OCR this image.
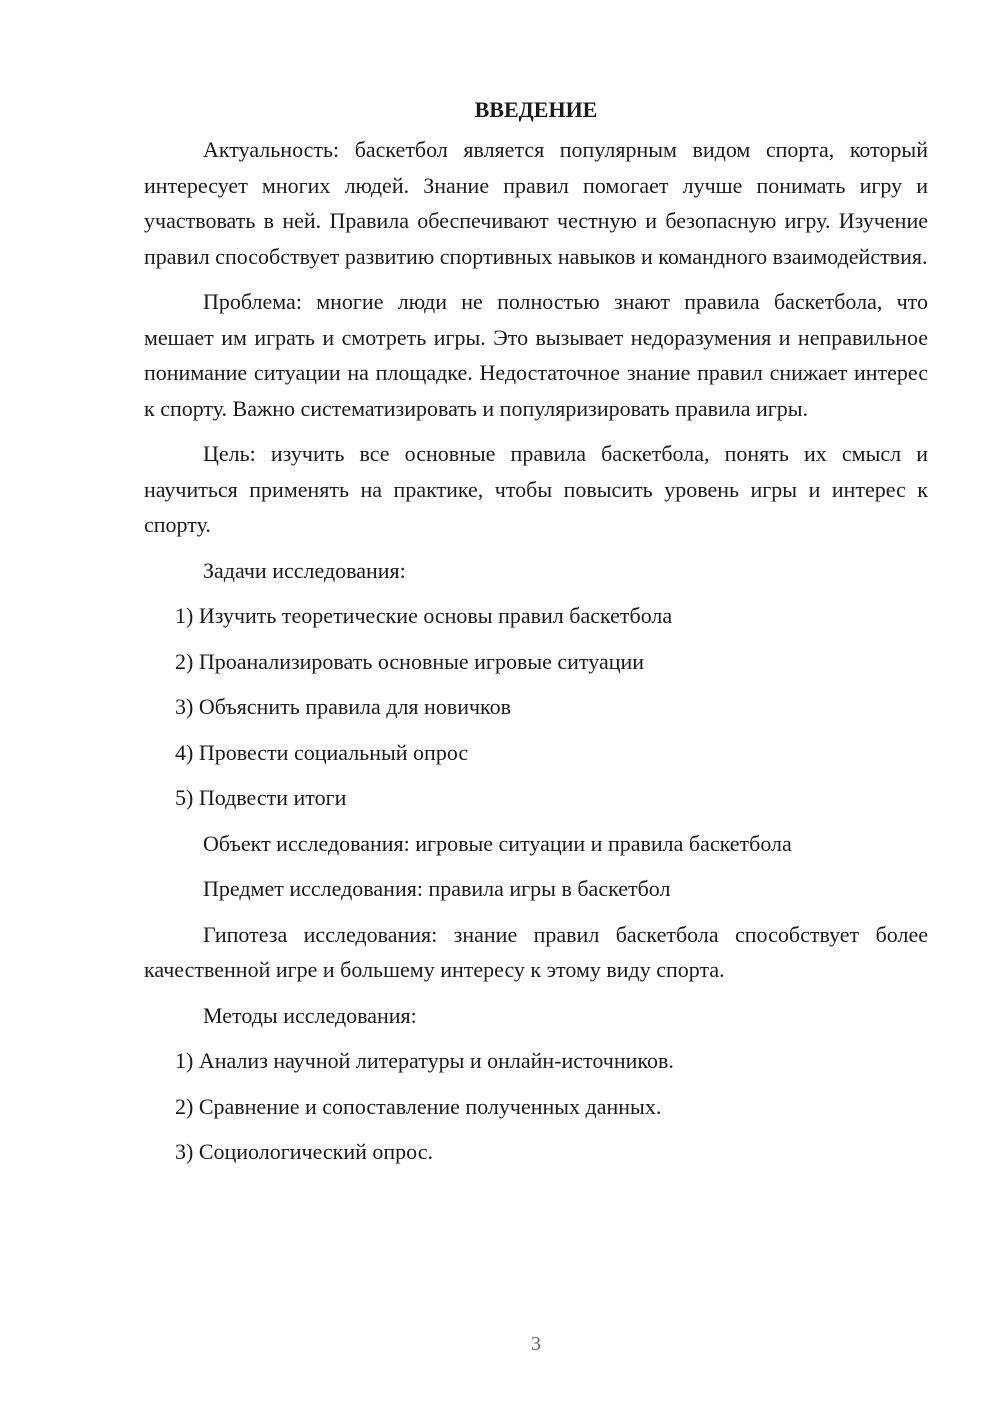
ВВЕДЕНИЕ

Актуальность: баскетбол является популярным видом спорта, который интересует многих людей. Знание правил помогает лучше понимать игру и участвовать в ней. Правила обеспечивают честную и безопасную игру. Изучение правил способствует развитию спортивных навыков и командного взаимодействия.

Проблема: многие люди не полностью знают правила баскетбола, что мешает им играть и смотреть игры. Это вызывает недоразумения и неправильное понимание ситуации на площадке. Недостаточное знание правил снижает интерес к спорту. Важно систематизировать и популяризировать правила игры.

Цель: изучить все основные правила баскетбола, понять их смысл и научиться применять на практике, чтобы повысить уровень игры и интерес к спорту.

Задачи исследования:

1) Изучить теоретические основы правил баскетбола

2) Проанализировать основные игровые ситуации

3) Объяснить правила для новичков

4) Провести социальный опрос

5) Подвести итоги

Объект исследования: игровые ситуации и правила баскетбола

Предмет исследования: правила игры в баскетбол

Гипотеза исследования: знание правил баскетбола способствует более качественной игре и большему интересу к этому виду спорта.

Методы исследования:

1) Анализ научной литературы и онлайн-источников.

2) Сравнение и сопоставление полученных данных.

3) Социологический опрос.

3
